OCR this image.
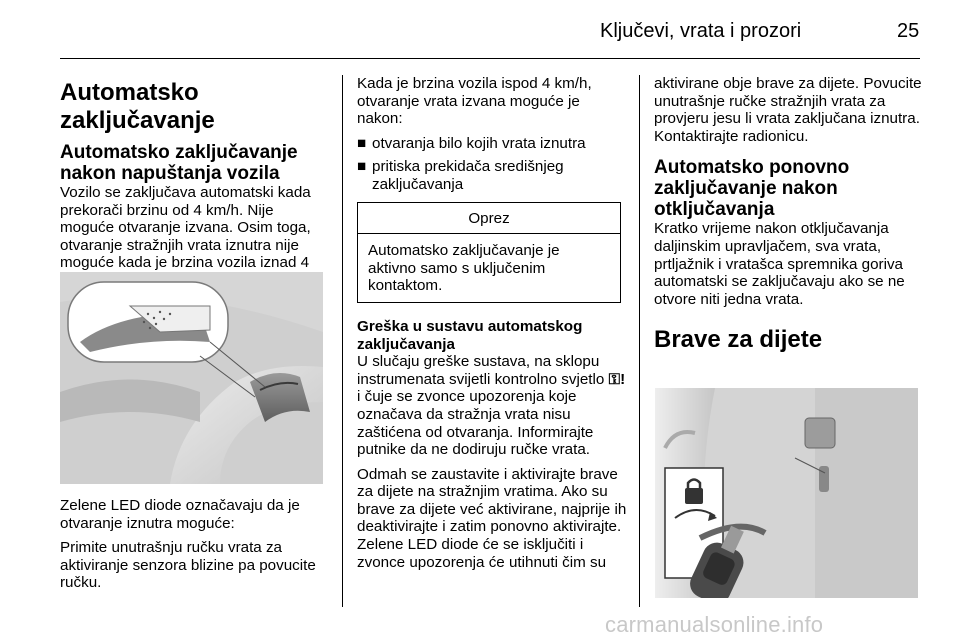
Ključevi, vrata i prozori	25
Automatsko zaključavanje
Automatsko zaključavanje nakon napuštanja vozila

Vozilo se zaključava automatski kada prekorači brzinu od 4 km/h. Nije moguće otvaranje izvana. Osim toga, otvaranje stražnjih vrata iznutra nije moguće kada je brzina vozila iznad 4

Zelene LED diode označavaju da je otvaranje iznutra moguće:

Primite unutrašnju ručku vrata za aktiviranje senzora blizine pa povucite ručku.

Kada je brzina vozila ispod 4 km/h, otvaranje vrata izvana moguće je nakon:

■ otvaranja bilo kojih vrata iznutra
■ pritiska prekidača središnjeg zaključavanja
Oprez
Automatsko zaključavanje je aktivno samo s uključenim kontaktom.
Greška u sustavu automatskog zaključavanja

U slučaju greške sustava, na sklopu instrumenata svijetli kontrolno svjetlo ⚿! i čuje se zvonce upozorenja koje označava da stražnja vrata nisu zaštićena od otvaranja. Informirajte putnike da ne dodiruju ručke vrata.

Odmah se zaustavite i aktivirajte brave za dijete na stražnjim vratima. Ako su brave za dijete već aktivirane, najprije ih deaktivirajte i zatim ponovno aktivirajte. Zelene LED diode će se isključiti i zvonce upozorenja će utihnuti čim su

aktivirane obje brave za dijete. Povucite unutrašnje ručke stražnjih vrata za provjeru jesu li vrata zaključana iznutra. Kontaktirajte radionicu.

Automatsko ponovno zaključavanje nakon otključavanja

Kratko vrijeme nakon otključavanja daljinskim upravljačem, sva vrata, prtljažnik i vratašca spremnika goriva automatski se zaključavaju ako se ne otvore niti jedna vrata.

Brave za dijete
carmanualsonline.info
